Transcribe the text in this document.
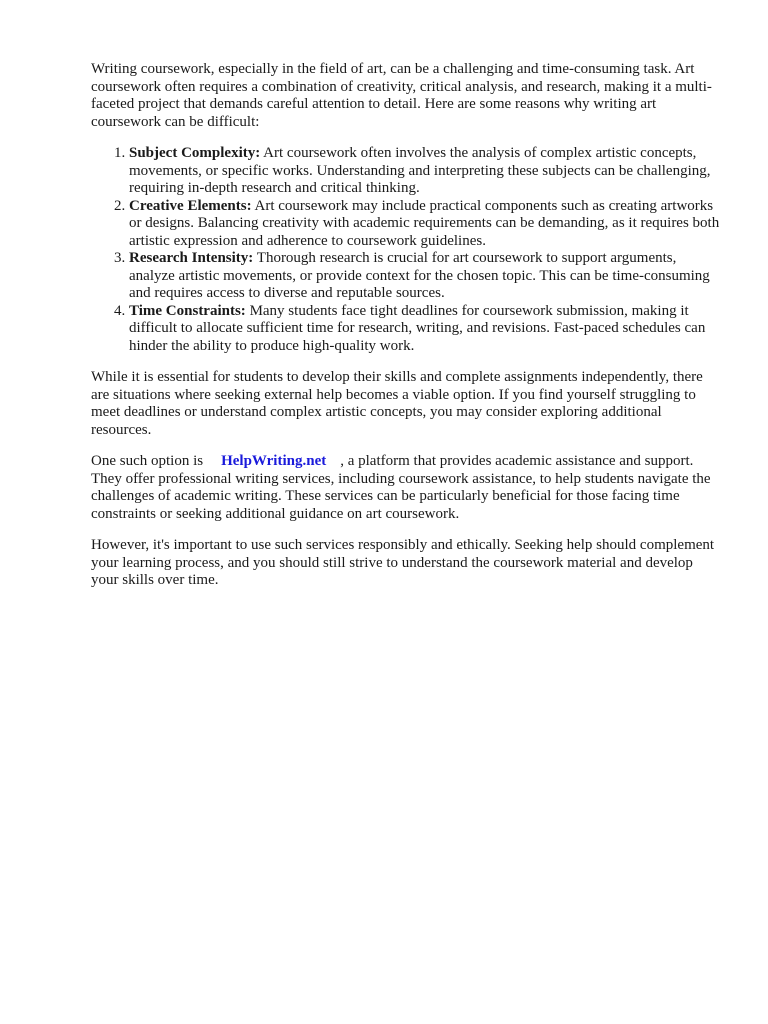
Writing coursework, especially in the field of art, can be a challenging and time-consuming task. Art coursework often requires a combination of creativity, critical analysis, and research, making it a multi-faceted project that demands careful attention to detail. Here are some reasons why writing art coursework can be difficult:

1. Subject Complexity: Art coursework often involves the analysis of complex artistic concepts, movements, or specific works. Understanding and interpreting these subjects can be challenging, requiring in-depth research and critical thinking.
2. Creative Elements: Art coursework may include practical components such as creating artworks or designs. Balancing creativity with academic requirements can be demanding, as it requires both artistic expression and adherence to coursework guidelines.
3. Research Intensity: Thorough research is crucial for art coursework to support arguments, analyze artistic movements, or provide context for the chosen topic. This can be time-consuming and requires access to diverse and reputable sources.
4. Time Constraints: Many students face tight deadlines for coursework submission, making it difficult to allocate sufficient time for research, writing, and revisions. Fast-paced schedules can hinder the ability to produce high-quality work.

While it is essential for students to develop their skills and complete assignments independently, there are situations where seeking external help becomes a viable option. If you find yourself struggling to meet deadlines or understand complex artistic concepts, you may consider exploring additional resources.

One such option is HelpWriting.net , a platform that provides academic assistance and support. They offer professional writing services, including coursework assistance, to help students navigate the challenges of academic writing. These services can be particularly beneficial for those facing time constraints or seeking additional guidance on art coursework.

However, it's important to use such services responsibly and ethically. Seeking help should complement your learning process, and you should still strive to understand the coursework material and develop your skills over time.
